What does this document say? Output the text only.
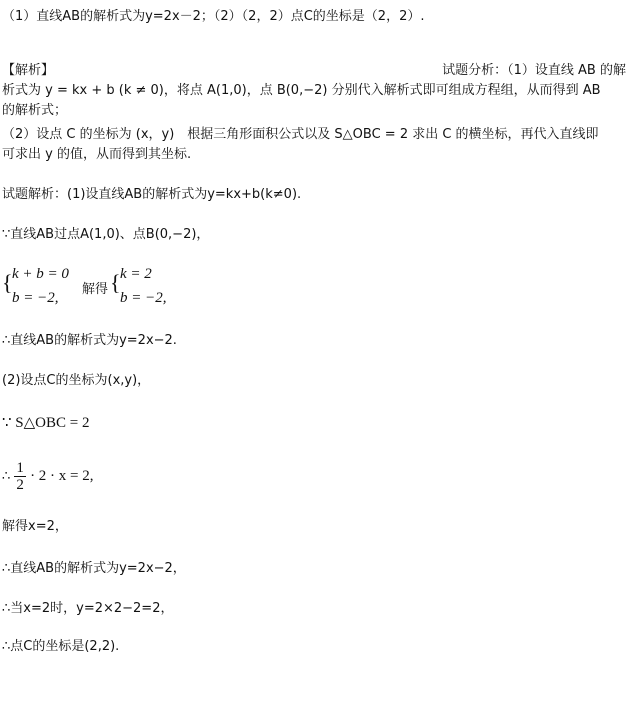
（1）直线AB的解析式为y=2x－2；（2）（2，2）点C的坐标是（2，2）.
【解析】	试题分析：（1）设直线 AB 的解
析式为 y = kx + b (k ≠ 0)，将点 A(1,0)，点 B(0,−2) 分别代入解析式即可组成方程组，从而得到 AB
的解析式；
（2）设点 C 的坐标为 (x，y)　根据三角形面积公式以及 S△OBC = 2 求出 C 的横坐标，再代入直线即
可求出 y 的值，从而得到其坐标.
试题解析：(1)设直线AB的解析式为y=kx+b(k≠0).
∵直线AB过点A(1,0)、点B(0,−2)，
{ k + b = 0
b = −2,
解得 { k = 2
b = −2,
∴直线AB的解析式为y=2x−2.
(2)设点C的坐标为(x,y)，
∵ S△OBC = 2
∴ $\frac{1}{2} \cdot 2 \cdot x = 2$,
解得x=2，
∴直线AB的解析式为y=2x−2，
∴当x=2时，y=2×2−2=2，
∴点C的坐标是(2,2).
